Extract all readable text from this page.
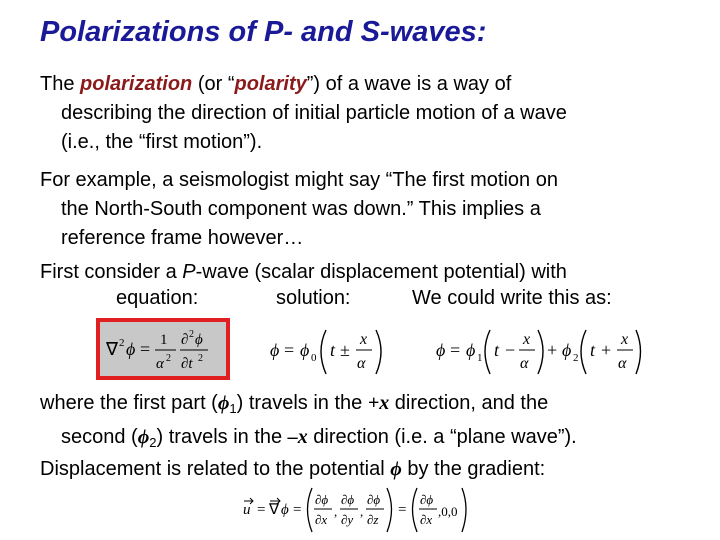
Polarizations of P- and S-waves:
The polarization (or “polarity”) of a wave is a way of
describing the direction of initial particle motion of a wave
(i.e., the “first motion”).
For example, a seismologist might say “The first motion on
the North-South component was down.” This implies a
reference frame however…
First consider a P-wave (scalar displacement potential) with
equation:	solution:	We could write this as:
∇ 2 ϕ = 1
α 2
∂ 2 ϕ
∂t 2	ϕ = ϕ 0 t ±
x
α
ϕ = ϕ 1 t −
x
α
+ ϕ 2 t +
x
α
where the first part $(\phi_1)$ travels in the +x direction, and the
second $(\phi_2)$ travels in the –x direction (i.e. a “plane wave”).
Displacement is related to the potential ϕ by the gradient:
u = ∇ ϕ =
∂ϕ
∂x
,
∂ϕ
∂y
,
∂ϕ
∂z
=
∂ϕ
∂x
,0,0
